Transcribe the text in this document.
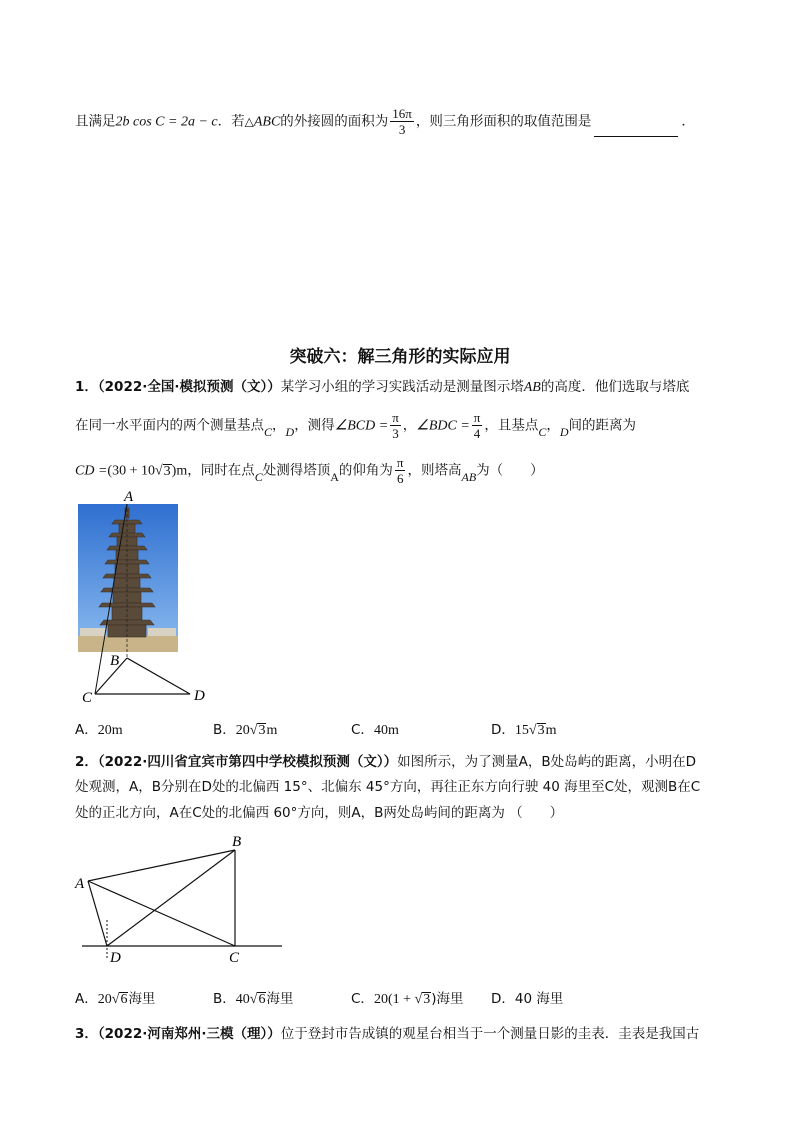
且满足2b cos C = 2a − c．若△ABC的外接圆的面积为 $\frac{16\pi}{3}$ ，则三角形面积的取值范围是	．
突破六：解三角形的实际应用
1．（2022·全国·模拟预测（文））某学习小组的学习实践活动是测量图示塔AB的高度．他们选取与塔底
在同一水平面内的两个测量基点C，D，测得∠BCD = $\frac{\pi}{3}$ ，∠BDC = $\frac{\pi}{4}$ ，且基点C，D间的距离为
CD =(30 + 10√3)m，同时在点C处测得塔顶A的仰角为 $\frac{\pi}{6}$ ，则塔高AB为（　　）
A
B
C	D
A．20m	B．20√3m	C．40m	D．15√3m
2．（2022·四川省宜宾市第四中学校模拟预测（文））如图所示，为了测量A，B处岛屿的距离，小明在D
处观测，A，B分别在D处的北偏西 15°、北偏东 45°方向，再往正东方向行驶 40 海里至C处，观测B在C
处的正北方向，A在C处的北偏西 60°方向，则A，B两处岛屿间的距离为 （　　）
A
B
D	C
A．20√6海里	B．40√6海里	C．20(1 + √3)海里 D．40 海里
3．（2022·河南郑州·三模（理））位于登封市告成镇的观星台相当于一个测量日影的圭表．圭表是我国古
